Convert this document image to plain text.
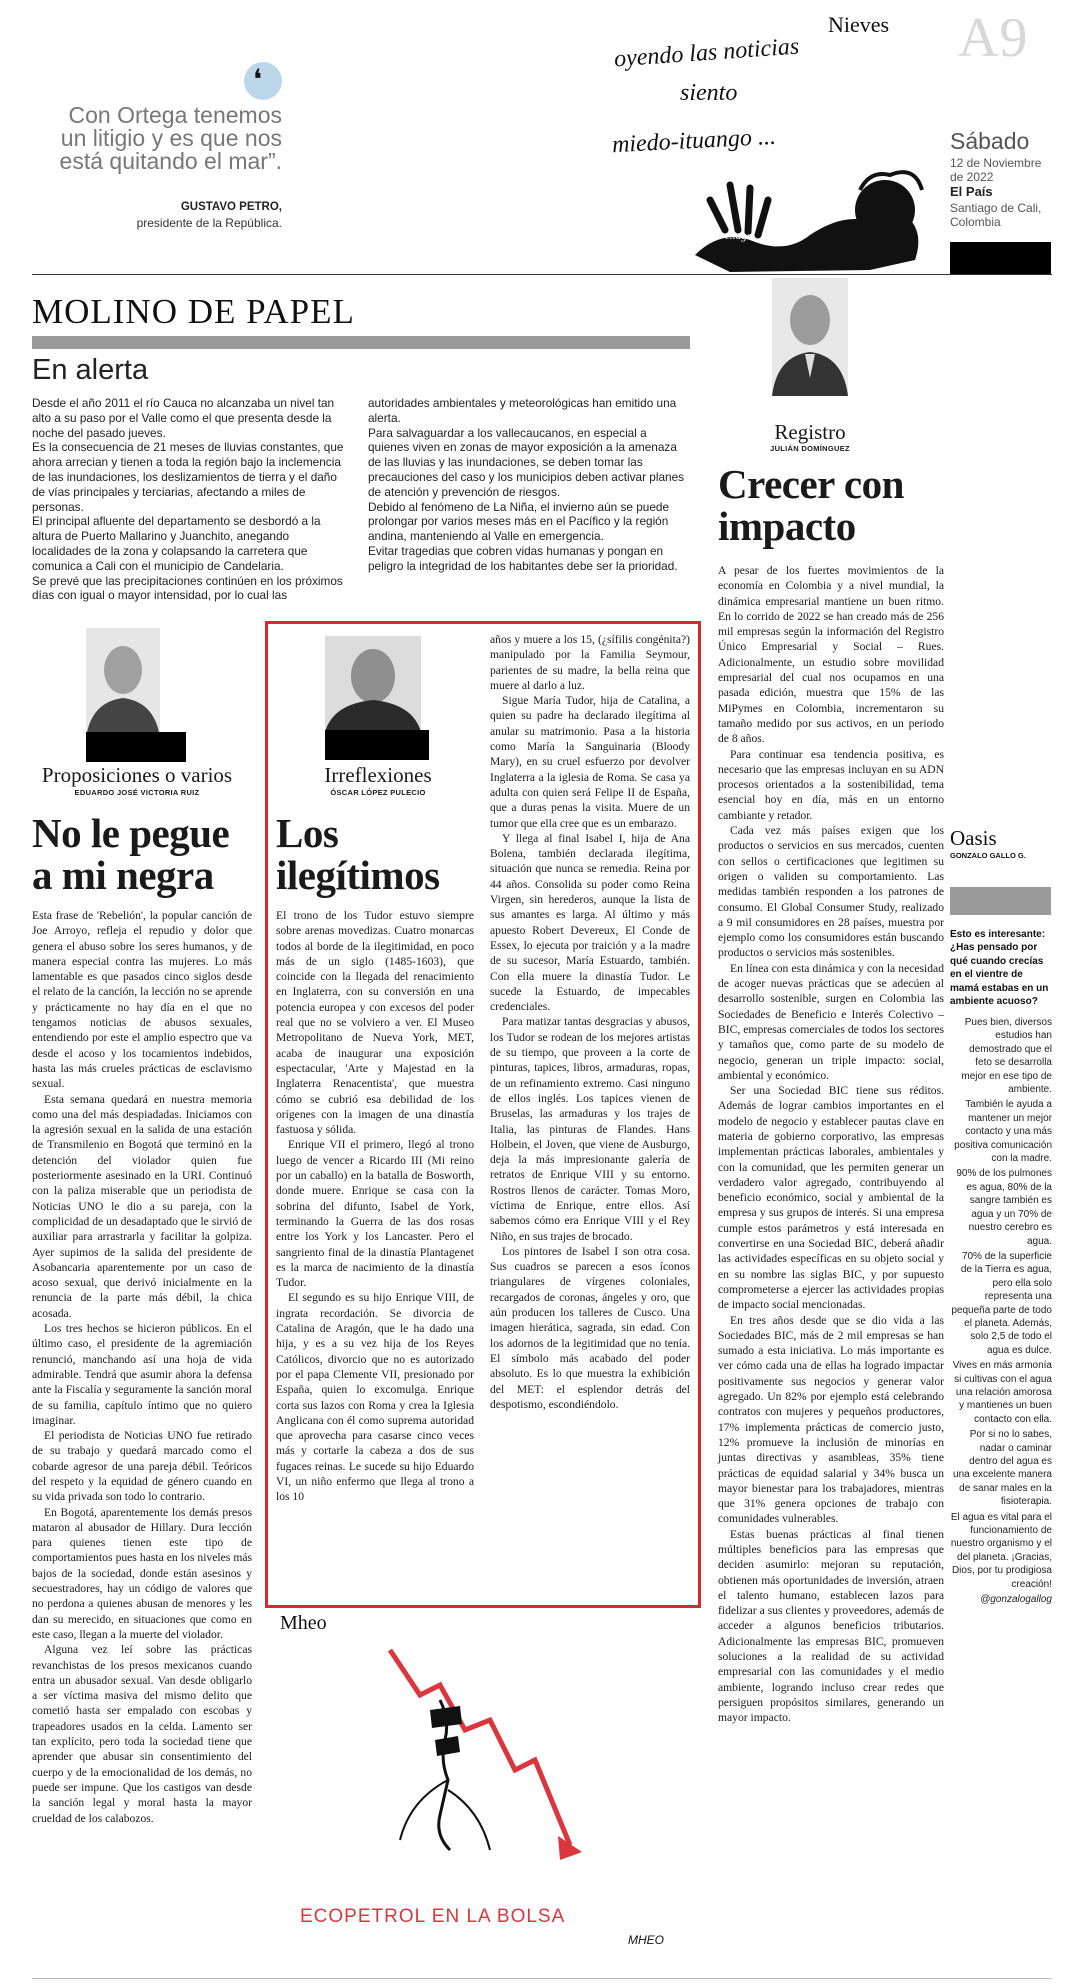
A9
Sábado
12 de Noviembre
de 2022
El País
Santiago de Cali,
Colombia
❛
Con Ortega tenemos un litigio y es que nos está quitando el mar”.
GUSTAVO PETRO,
presidente de la República.
Nieves
oyendo las noticias
siento
miedo-ituango ...
e.lago
MOLINO DE PAPEL
En alerta
Desde el año 2011 el río Cauca no alcanzaba un nivel tan alto a su paso por el Valle como el que presenta desde la noche del pasado jueves.
Es la consecuencia de 21 meses de lluvias constantes, que ahora arrecian y tienen a toda la región bajo la inclemencia de las inundaciones, los deslizamientos de tierra y el daño de vías principales y terciarias, afectando a miles de personas.
El principal afluente del departamento se desbordó a la altura de Puerto Mallarino y Juanchito, anegando localidades de la zona y colapsando la carretera que comunica a Cali con el municipio de Candelaria.
Se prevé que las precipitaciones continúen en los próximos días con igual o mayor intensidad, por lo cual las
autoridades ambientales y meteorológicas han emitido una alerta.
Para salvaguardar a los vallecaucanos, en especial a quienes viven en zonas de mayor exposición a la amenaza de las lluvias y las inundaciones, se deben tomar las precauciones del caso y los municipios deben activar planes de atención y prevención de riesgos.
Debido al fenómeno de La Niña, el invierno aún se puede prolongar por varios meses más en el Pacífico y la región andina, manteniendo al Valle en emergencia.
Evitar tragedias que cobren vidas humanas y pongan en peligro la integridad de los habitantes debe ser la prioridad.
Registro
JULIÁN DOMÍNGUEZ
Crecer con
impacto

A pesar de los fuertes movimientos de la economía en Colombia y a nivel mundial, la dinámica empresarial mantiene un buen ritmo. En lo corrido de 2022 se han creado más de 256 mil empresas según la información del Registro Único Empresarial y Social – Rues. Adicionalmente, un estudio sobre movilidad empresarial del cual nos ocupamos en una pasada edición, muestra que 15% de las MiPymes en Colombia, incrementaron su tamaño medido por sus activos, en un periodo de 8 años.

Para continuar esa tendencia positiva, es necesario que las empresas incluyan en su ADN procesos orientados a la sostenibilidad, tema esencial hoy en día, más en un entorno cambiante y retador.

Cada vez más países exigen que los productos o servicios en sus mercados, cuenten con sellos o certificaciones que legitimen su origen o validen su comportamiento. Las medidas también responden a los patrones de consumo. El Global Consumer Study, realizado a 9 mil consumidores en 28 países, muestra por ejemplo como los consumidores están buscando productos o servicios más sostenibles.

En línea con esta dinámica y con la necesidad de acoger nuevas prácticas que se adecúen al desarrollo sostenible, surgen en Colombia las Sociedades de Beneficio e Interés Colectivo – BIC, empresas comerciales de todos los sectores y tamaños que, como parte de su modelo de negocio, generan un triple impacto: social, ambiental y económico.

Ser una Sociedad BIC tiene sus réditos. Además de lograr cambios importantes en el modelo de negocio y establecer pautas clave en materia de gobierno corporativo, las empresas implementan prácticas laborales, ambientales y con la comunidad, que les permiten generar un verdadero valor agregado, contribuyendo al beneficio económico, social y ambiental de la empresa y sus grupos de interés. Si una empresa cumple estos parámetros y está interesada en convertirse en una Sociedad BIC, deberá añadir las actividades específicas en su objeto social y en su nombre las siglas BIC, y por supuesto comprometerse a ejercer las actividades propias de impacto social mencionadas.

En tres años desde que se dio vida a las Sociedades BIC, más de 2 mil empresas se han sumado a esta iniciativa. Lo más importante es ver cómo cada una de ellas ha logrado impactar positivamente sus negocios y generar valor agregado. Un 82% por ejemplo está celebrando contratos con mujeres y pequeños productores, 17% implementa prácticas de comercio justo, 12% promueve la inclusión de minorías en juntas directivas y asambleas, 35% tiene prácticas de equidad salarial y 34% busca un mayor bienestar para los trabajadores, mientras que 31% genera opciones de trabajo con comunidades vulnerables.

Estas buenas prácticas al final tienen múltiples beneficios para las empresas que deciden asumirlo: mejoran su reputación, obtienen más oportunidades de inversión, atraen el talento humano, establecen lazos para fidelizar a sus clientes y proveedores, además de acceder a algunos beneficios tributarios. Adicionalmente las empresas BIC, promueven soluciones a la realidad de su actividad empresarial con las comunidades y el medio ambiente, logrando incluso crear redes que persiguen propósitos similares, generando un mayor impacto.

Proposiciones o varios
EDUARDO JOSÉ VICTORIA RUIZ
No le pegue
a mi negra

Esta frase de 'Rebelión', la popular canción de Joe Arroyo, refleja el repudio y dolor que genera el abuso sobre los seres humanos, y de manera especial contra las mujeres. Lo más lamentable es que pasados cinco siglos desde el relato de la canción, la lección no se aprende y prácticamente no hay día en el que no tengamos noticias de abusos sexuales, entendiendo por este el amplio espectro que va desde el acoso y los tocamientos indebidos, hasta las más crueles prácticas de esclavismo sexual.

Esta semana quedará en nuestra memoria como una del más despiadadas. Iniciamos con la agresión sexual en la salida de una estación de Transmilenio en Bogotá que terminó en la detención del violador quien fue posteriormente asesinado en la URI. Continuó con la paliza miserable que un periodista de Noticias UNO le dio a su pareja, con la complicidad de un desadaptado que le sirvió de auxiliar para arrastrarla y facilitar la golpiza. Ayer supimos de la salida del presidente de Asobancaria aparentemente por un caso de acoso sexual, que derivó inicialmente en la renuncia de la parte más débil, la chica acosada.

Los tres hechos se hicieron públicos. En el último caso, el presidente de la agremiación renunció, manchando así una hoja de vida admirable. Tendrá que asumir ahora la defensa ante la Fiscalía y seguramente la sanción moral de su familia, capítulo íntimo que no quiero imaginar.

El periodista de Noticias UNO fue retirado de su trabajo y quedará marcado como el cobarde agresor de una pareja débil. Teóricos del respeto y la equidad de género cuando en su vida privada son todo lo contrario.

En Bogotá, aparentemente los demás presos mataron al abusador de Hillary. Dura lección para quienes tienen este tipo de comportamientos pues hasta en los niveles más bajos de la sociedad, donde están asesinos y secuestradores, hay un código de valores que no perdona a quienes abusan de menores y les dan su merecido, en situaciones que como en este caso, llegan a la muerte del violador.

Alguna vez leí sobre las prácticas revanchistas de los presos mexicanos cuando entra un abusador sexual. Van desde obligarlo a ser víctima masiva del mismo delito que cometió hasta ser empalado con escobas y trapeadores usados en la celda. Lamento ser tan explícito, pero toda la sociedad tiene que aprender que abusar sin consentimiento del cuerpo y de la emocionalidad de los demás, no puede ser impune. Que los castigos van desde la sanción legal y moral hasta la mayor crueldad de los calabozos.

Irreflexiones
ÓSCAR LÓPEZ PULECIO
Los
ilegítimos

El trono de los Tudor estuvo siempre sobre arenas movedizas. Cuatro monarcas todos al borde de la ilegitimidad, en poco más de un siglo (1485-1603), que coincide con la llegada del renacimiento en Inglaterra, con su conversión en una potencia europea y con excesos del poder real que no se volviero a ver. El Museo Metropolitano de Nueva York, MET, acaba de inaugurar una exposición espectacular, 'Arte y Majestad en la Inglaterra Renacentista', que muestra cómo se cubrió esa debilidad de los orígenes con la imagen de una dinastía fastuosa y sólida.

Enrique VII el primero, llegó al trono luego de vencer a Ricardo III (Mi reino por un caballo) en la batalla de Bosworth, donde muere. Enrique se casa con la sobrina del difunto, Isabel de York, terminando la Guerra de las dos rosas entre los York y los Lancaster. Pero el sangriento final de la dinastía Plantagenet es la marca de nacimiento de la dinastía Tudor.

El segundo es su hijo Enrique VIII, de ingrata recordación. Se divorcia de Catalina de Aragón, que le ha dado una hija, y es a su vez hija de los Reyes Católicos, divorcio que no es autorizado por el papa Clemente VII, presionado por España, quien lo excomulga. Enrique corta sus lazos con Roma y crea la Iglesia Anglicana con él como suprema autoridad que aprovecha para casarse cinco veces más y cortarle la cabeza a dos de sus fugaces reinas. Le sucede su hijo Eduardo VI, un niño enfermo que llega al trono a los 10

años y muere a los 15, (¿sífilis congénita?) manipulado por la Familia Seymour, parientes de su madre, la bella reina que muere al darlo a luz.

Sigue María Tudor, hija de Catalina, a quien su padre ha declarado ilegítima al anular su matrimonio. Pasa a la historia como María la Sanguinaria (Bloody Mary), en su cruel esfuerzo por devolver Inglaterra a la iglesia de Roma. Se casa ya adulta con quien será Felipe II de España, que a duras penas la visita. Muere de un tumor que ella cree que es un embarazo.

Y llega al final Isabel I, hija de Ana Bolena, también declarada ilegítima, situación que nunca se remedia. Reina por 44 años. Consolida su poder como Reina Virgen, sin herederos, aunque la lista de sus amantes es larga. Al último y más apuesto Robert Devereux, El Conde de Essex, lo ejecuta por traición y a la madre de su sucesor, María Estuardo, también. Con ella muere la dinastía Tudor. Le sucede la Estuardo, de impecables credenciales.

Para matizar tantas desgracias y abusos, los Tudor se rodean de los mejores artistas de su tiempo, que proveen a la corte de pinturas, tapices, libros, armaduras, ropas, de un refinamiento extremo. Casi ninguno de ellos inglés. Los tapices vienen de Bruselas, las armaduras y los trajes de Italia, las pinturas de Flandes. Hans Holbein, el Joven, que viene de Ausburgo, deja la más impresionante galería de retratos de Enrique VIII y su entorno. Rostros llenos de carácter. Tomas Moro, víctima de Enrique, entre ellos. Así sabemos cómo era Enrique VIII y el Rey Niño, en sus trajes de brocado.

Los pintores de Isabel I son otra cosa. Sus cuadros se parecen a esos íconos triangulares de vírgenes coloniales, recargados de coronas, ángeles y oro, que aún producen los talleres de Cusco. Una imagen hierática, sagrada, sin edad. Con los adornos de la legitimidad que no tenía. El símbolo más acabado del poder absoluto. Es lo que muestra la exhibición del MET: el esplendor detrás del despotismo, escondiéndolo.

Mheo
ECOPETROL EN LA BOLSA
MHEO
Oasis
GONZALO GALLO G.
Esto es interesante: ¿Has pensado por qué cuando crecías en el vientre de mamá estabas en un ambiente acuoso?
Pues bien, diversos estudios han demostrado que el feto se desarrolla mejor en ese tipo de ambiente.
También le ayuda a mantener un mejor contacto y una más positiva comunicación con la madre.
90% de los pulmones es agua, 80% de la sangre también es agua y un 70% de nuestro cerebro es agua.
70% de la superficie de la Tierra es agua, pero ella solo representa una pequeña parte de todo el planeta. Además, solo 2,5 de todo el agua es dulce.
Vives en más armonía si cultivas con el agua una relación amorosa y mantienes un buen contacto con ella.
Por si no lo sabes, nadar o caminar dentro del agua es una excelente manera de sanar males en la fisioterapia.
El agua es vital para el funcionamiento de nuestro organismo y el del planeta. ¡Gracias, Dios, por tu prodigiosa creación!
@gonzalogallog
